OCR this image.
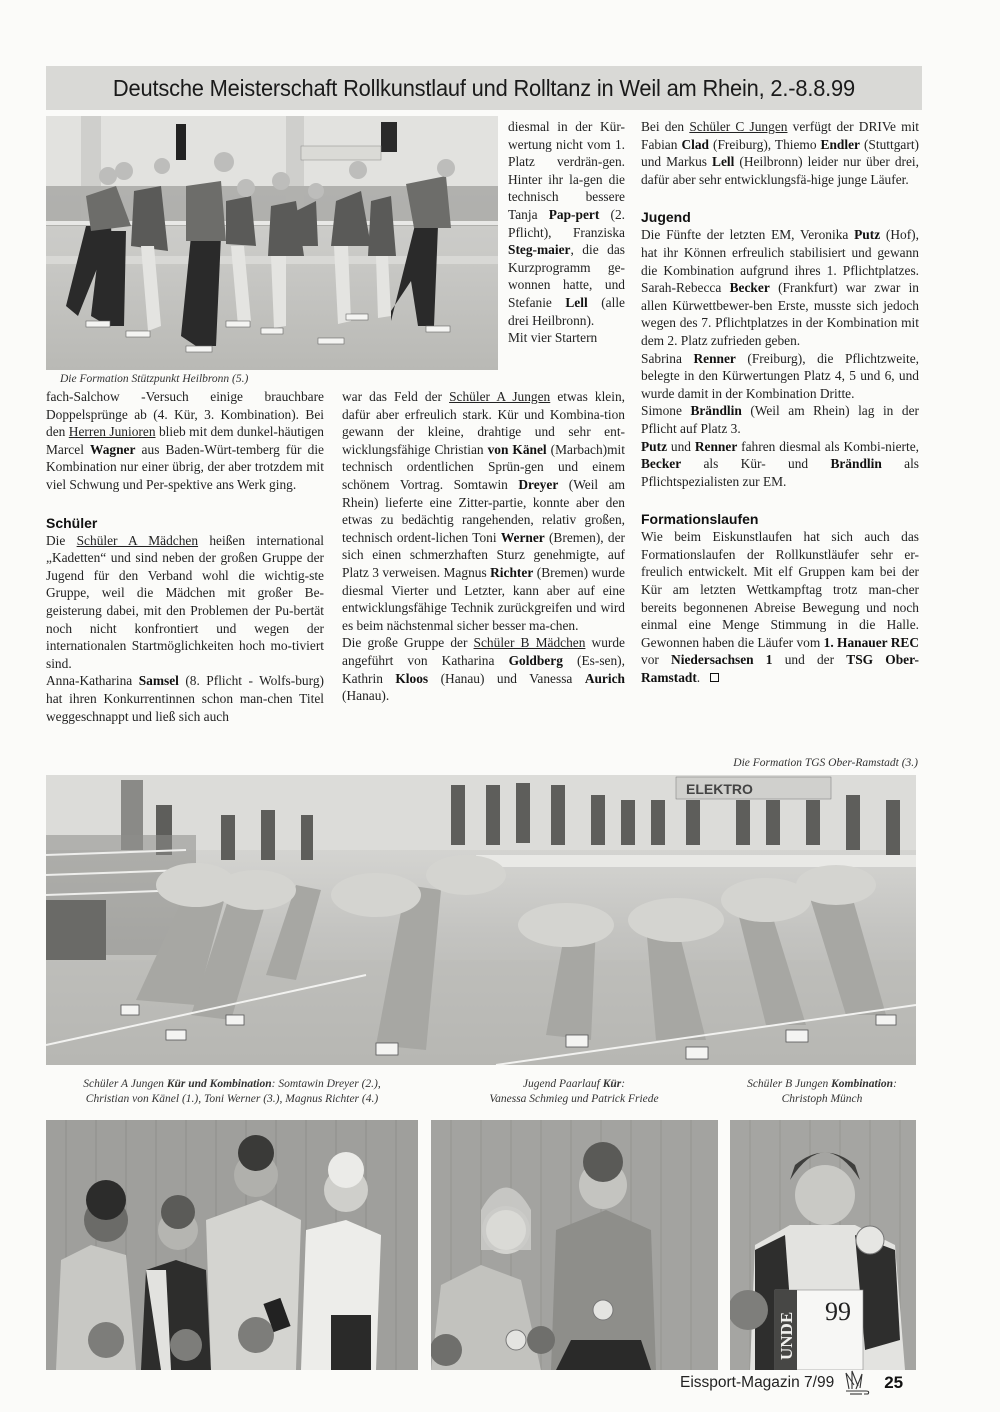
Deutsche Meisterschaft Rollkunstlauf und Rolltanz in Weil am Rhein, 2.-8.8.99

diesmal in der Kür-wertung nicht vom 1. Platz verdrän-gen. Hinter ihr la-gen die technisch bessere Tanja Pap-pert (2. Pflicht), Franziska Steg-maier, die das Kurzprogramm ge-wonnen hatte, und Stefanie Lell (alle drei Heilbronn).

Mit vier Startern

Die Formation Stützpunkt Heilbronn (5.)

fach-Salchow -Versuch einige brauchbare Doppelsprünge ab (4. Kür, 3. Kombination). Bei den Herren Junioren blieb mit dem dunkel-häutigen Marcel Wagner aus Baden-Würt-temberg für die Kombination nur einer übrig, der aber trotzdem mit viel Schwung und Per-spektive ans Werk ging.

Schüler

Die Schüler A Mädchen heißen international „Kadetten“ und sind neben der großen Gruppe der Jugend für den Verband wohl die wichtig-ste Gruppe, weil die Mädchen mit großer Be-geisterung dabei, mit den Problemen der Pu-bertät noch nicht konfrontiert und wegen der internationalen Startmöglichkeiten hoch mo-tiviert sind.

Anna-Katharina Samsel (8. Pflicht - Wolfs-burg) hat ihren Konkurrentinnen schon man-chen Titel weggeschnappt und ließ sich auch

war das Feld der Schüler A Jungen etwas klein, dafür aber erfreulich stark. Kür und Kombina-tion gewann der kleine, drahtige und sehr ent-wicklungsfähige Christian von Känel (Marbach)mit technisch ordentlichen Sprün-gen und einem schönem Vortrag. Somtawin Dreyer (Weil am Rhein) lieferte eine Zitter-partie, konnte aber den etwas zu bedächtig rangehenden, relativ großen, technisch ordent-lichen Toni Werner (Bremen), der sich einen schmerzhaften Sturz genehmigte, auf Platz 3 verweisen. Magnus Richter (Bremen) wurde diesmal Vierter und Letzter, kann aber auf eine entwicklungsfähige Technik zurückgreifen und wird es beim nächstenmal sicher besser ma-chen.

Die große Gruppe der Schüler B Mädchen wurde angeführt von Katharina Goldberg (Es-sen), Kathrin Kloos (Hanau) und Vanessa Aurich (Hanau).

Bei den Schüler C Jungen verfügt der DRIVe mit Fabian Clad (Freiburg), Thiemo Endler (Stuttgart) und Markus Lell (Heilbronn) leider nur über drei, dafür aber sehr entwicklungsfä-hige junge Läufer.

Jugend

Die Fünfte der letzten EM, Veronika Putz (Hof), hat ihr Können erfreulich stabilisiert und gewann die Kombination aufgrund ihres 1. Pflichtplatzes. Sarah-Rebecca Becker (Frankfurt) war zwar in allen Kürwettbewer-ben Erste, musste sich jedoch wegen des 7. Pflichtplatzes in der Kombination mit dem 2. Platz zufrieden geben.

Sabrina Renner (Freiburg), die Pflichtzweite, belegte in den Kürwertungen Platz 4, 5 und 6, und wurde damit in der Kombination Dritte.

Simone Brändlin (Weil am Rhein) lag in der Pflicht auf Platz 3.

Putz und Renner fahren diesmal als Kombi-nierte, Becker als Kür- und Brändlin als Pflichtspezialisten zur EM.

Formationslaufen

Wie beim Eiskunstlaufen hat sich auch das Formationslaufen der Rollkunstläufer sehr er-freulich entwickelt. Mit elf Gruppen kam bei der Kür am letzten Wettkampftag trotz man-cher bereits begonnenen Abreise Bewegung und noch einmal eine Menge Stimmung in die Halle. Gewonnen haben die Läufer vom 1. Hanauer REC vor Niedersachsen 1 und der TSG Ober-Ramstadt.

Die Formation TGS Ober-Ramstadt (3.)
ELEKTRO
Schüler A Jungen Kür und Kombination: Somtawin Dreyer (2.),
Christian von Känel (1.), Toni Werner (3.), Magnus Richter (4.)
Jugend Paarlauf Kür:
Vanessa Schmieg und Patrick Friede
Schüler B Jungen Kombination:
Christoph Münch
UNDE
99
Eissport-Magazin 7/99	25
